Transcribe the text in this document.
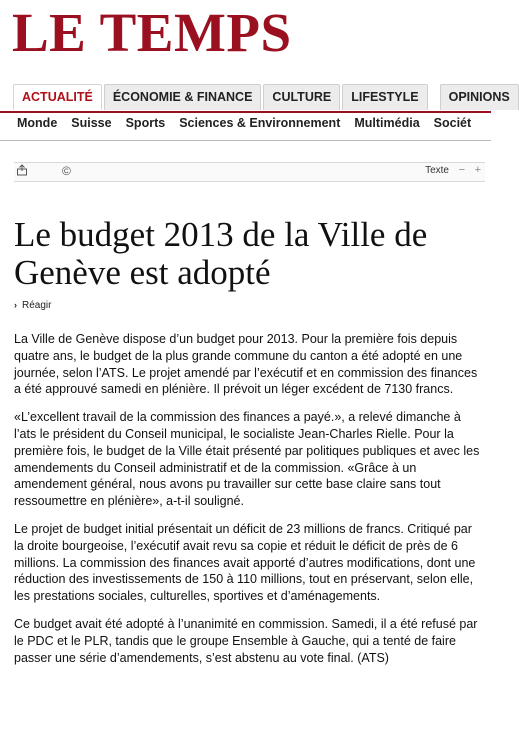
LE TEMPS
ACTUALITÉ	ÉCONOMIE & FINANCE	CULTURE	LIFESTYLE	OPINIONS
Monde Suisse Sports Sciences & Environnement Multimédia Sociét
©	Texte − +
Le budget 2013 de la Ville de Genève est adopté
› Réagir

La Ville de Genève dispose d’un budget pour 2013. Pour la première fois depuis quatre ans, le budget de la plus grande commune du canton a été adopté en une journée, selon l’ATS. Le projet amendé par l’exécutif et en commission des finances a été approuvé samedi en plénière. Il prévoit un léger excédent de 7130 francs.

«L’excellent travail de la commission des finances a payé.», a relevé dimanche à l’ats le président du Conseil municipal, le socialiste Jean-Charles Rielle. Pour la première fois, le budget de la Ville était présenté par politiques publiques et avec les amendements du Conseil administratif et de la commission. «Grâce à un amendement général, nous avons pu travailler sur cette base claire sans tout ressoumettre en plénière», a-t-il souligné.

Le projet de budget initial présentait un déficit de 23 millions de francs. Critiqué par la droite bourgeoise, l’exécutif avait revu sa copie et réduit le déficit de près de 6 millions. La commission des finances avait apporté d’autres modifications, dont une réduction des investissements de 150 à 110 millions, tout en préservant, selon elle, les prestations sociales, culturelles, sportives et d’aménagements.

Ce budget avait été adopté à l’unanimité en commission. Samedi, il a été refusé par le PDC et le PLR, tandis que le groupe Ensemble à Gauche, qui a tenté de faire passer une série d’amendements, s’est abstenu au vote final. (ATS)
